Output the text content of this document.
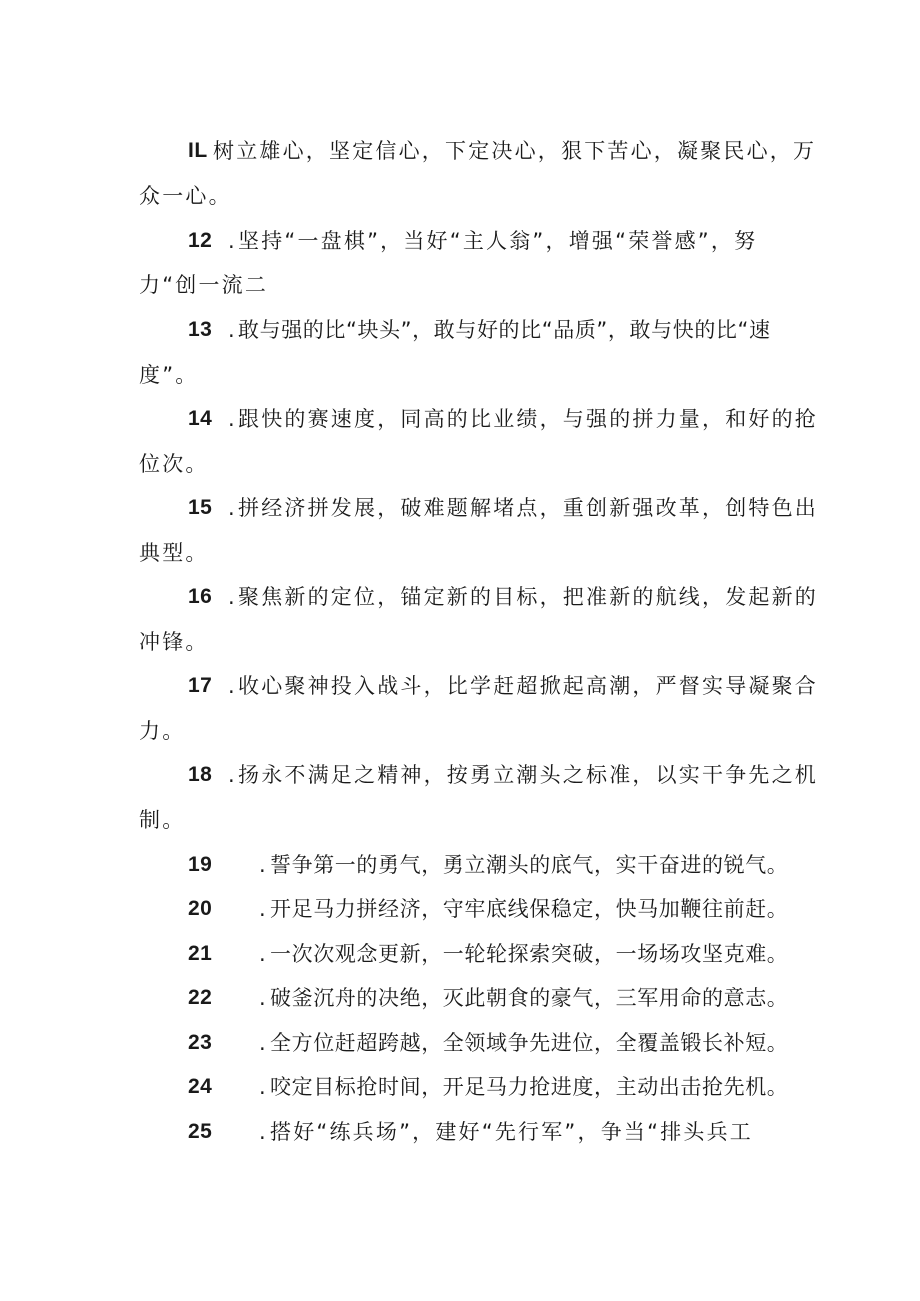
IL 树立雄心，坚定信心，下定决心，狠下苦心，凝聚民心，万
众一心。
12 . 坚持“一盘棋”，当好“主人翁”，增强“荣誉感”，努
力“创一流二
13 . 敢与强的比“块头”，敢与好的比“品质”，敢与快的比“速
度”。
14 . 跟快的赛速度，同高的比业绩，与强的拼力量，和好的抢
位次。
15 . 拼经济拼发展，破难题解堵点，重创新强改革，创特色出
典型。
16 . 聚焦新的定位，锚定新的目标，把准新的航线，发起新的
冲锋。
17 . 收心聚神投入战斗，比学赶超掀起高潮，严督实导凝聚合
力。
18 . 扬永不满足之精神，按勇立潮头之标准，以实干争先之机
制。
19 . 誓争第一的勇气，勇立潮头的底气，实干奋进的锐气。
20 . 开足马力拼经济，守牢底线保稳定，快马加鞭往前赶。
21 . 一次次观念更新，一轮轮探索突破，一场场攻坚克难。
22 . 破釜沉舟的决绝，灭此朝食的豪气，三军用命的意志。
23 . 全方位赶超跨越，全领域争先进位，全覆盖锻长补短。
24 . 咬定目标抢时间，开足马力抢进度，主动出击抢先机。
25 . 搭好“练兵场”，建好“先行军”，争当“排头兵工
